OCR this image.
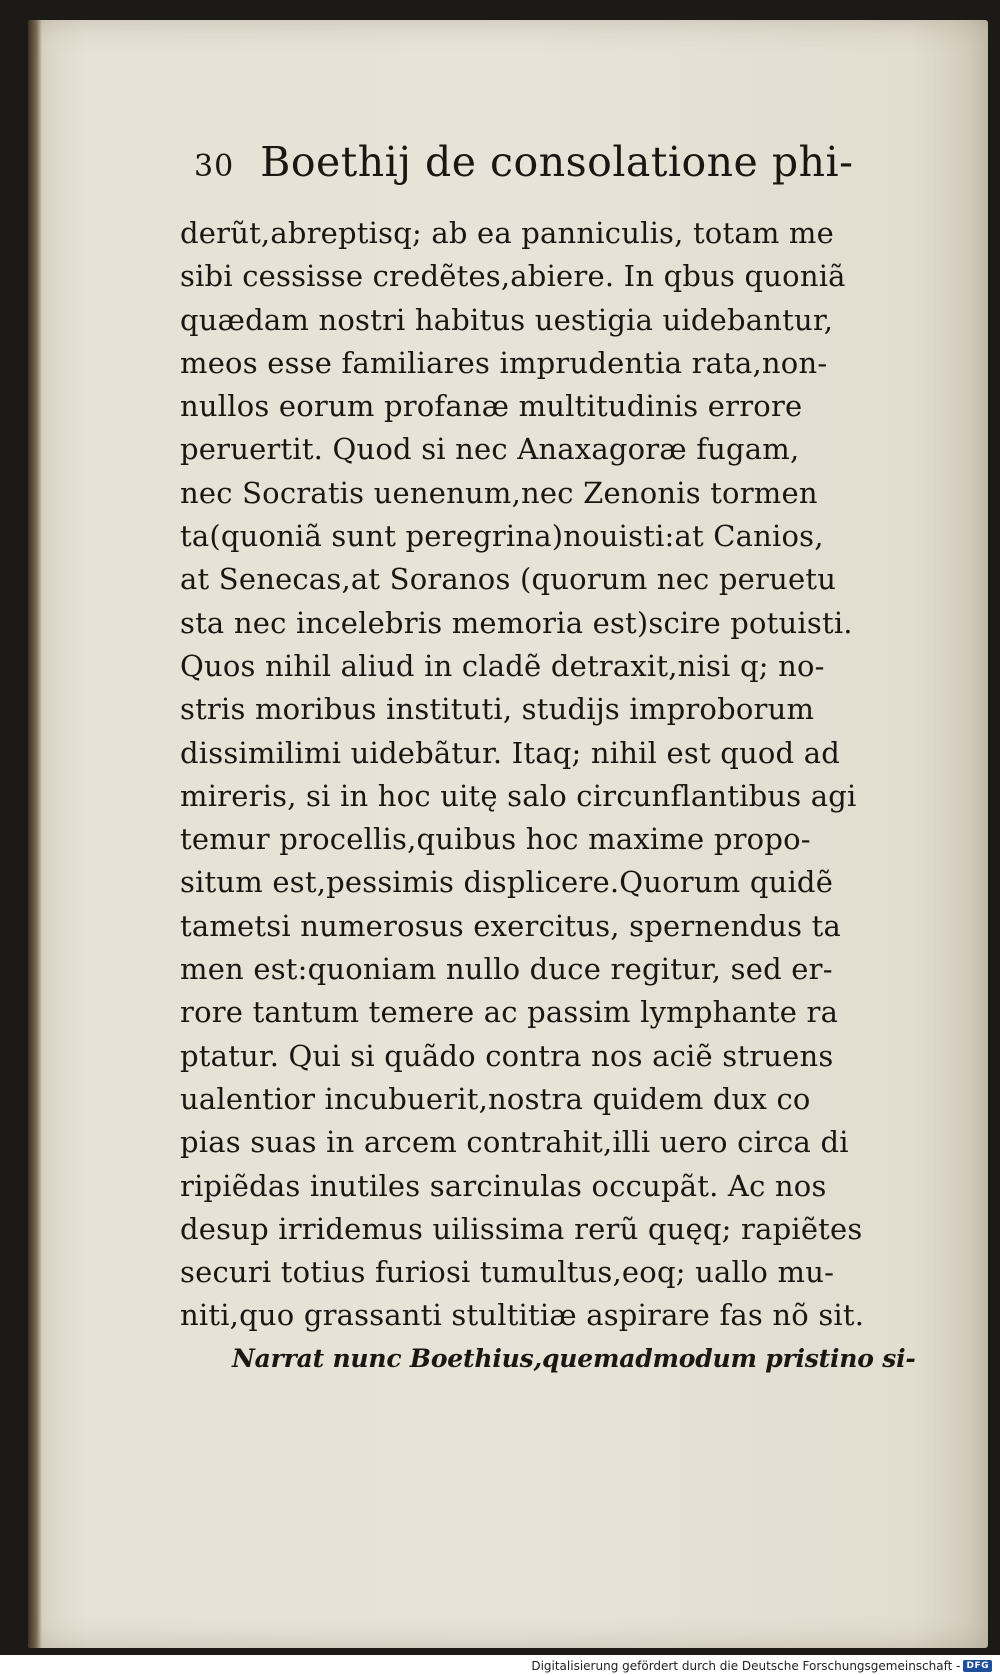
30 Boethij de consolatione phi-
derũt,abreptisq; ab ea panniculis, totam me
sibi cessisse credẽtes,abiere. In qbus quoniã
quædam nostri habitus uestigia uidebantur,
meos esse familiares imprudentia rata,non-
nullos eorum profanæ multitudinis errore
peruertit. Quod si nec Anaxagoræ fugam,
nec Socratis uenenum,nec Zenonis tormen
ta(quoniã sunt peregrina)nouisti:at Canios,
at Senecas,at Soranos (quorum nec peruetu
sta nec incelebris memoria est)scire potuisti.
Quos nihil aliud in cladẽ detraxit,nisi q; no-
stris moribus instituti, studijs improborum
dissimilimi uidebãtur. Itaq; nihil est quod ad
mireris, si in hoc uitę salo circunflantibus agi
temur procellis,quibus hoc maxime propo-
situm est,pessimis displicere.Quorum quidẽ
tametsi numerosus exercitus, spernendus ta
men est:quoniam nullo duce regitur, sed er-
rore tantum temere ac passim lymphante ra
ptatur. Qui si quãdo contra nos aciẽ struens
ualentior incubuerit,nostra quidem dux co
pias suas in arcem contrahit,illi uero circa di
ripiẽdas inutiles sarcinulas occupãt. Ac nos
desup irridemus uilissima rerũ quęq; rapiẽtes
securi totius furiosi tumultus,eoq; uallo mu-
niti,quo grassanti stultitiæ aspirare fas nõ sit.
Narrat nunc Boethius,quemadmodum pristino si-
Digitalisierung gefördert durch die Deutsche Forschungsgemeinschaft - DFG
